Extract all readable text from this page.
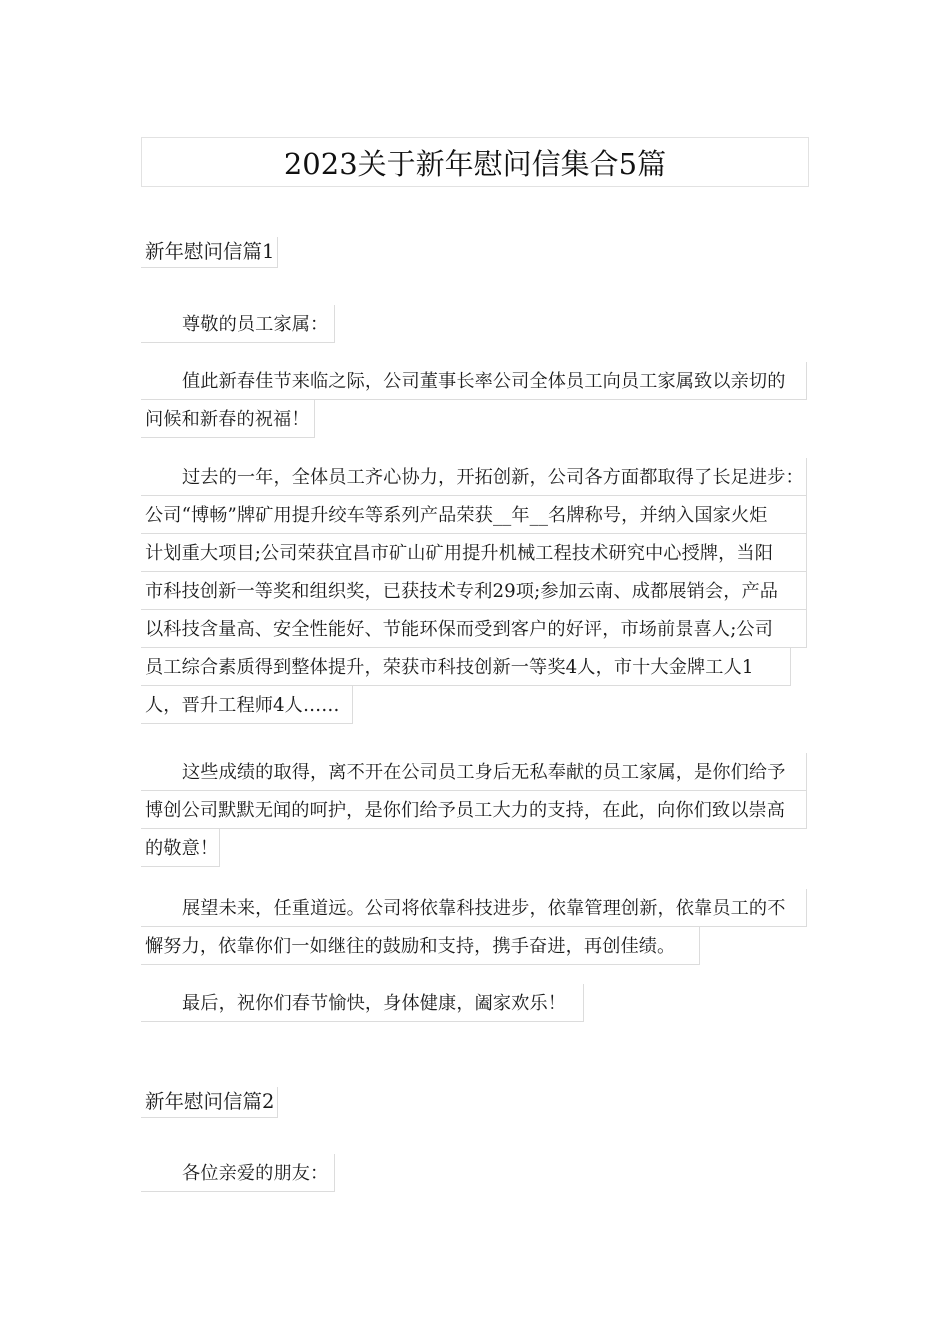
2023关于新年慰问信集合5篇
新年慰问信篇1
尊敬的员工家属：
值此新春佳节来临之际，公司董事长率公司全体员工向员工家属致以亲切的
问候和新春的祝福！
过去的一年，全体员工齐心协力，开拓创新，公司各方面都取得了长足进步：
公司“博畅”牌矿用提升绞车等系列产品荣获__年__名牌称号，并纳入国家火炬
计划重大项目;公司荣获宜昌市矿山矿用提升机械工程技术研究中心授牌，当阳
市科技创新一等奖和组织奖，已获技术专利29项;参加云南、成都展销会，产品
以科技含量高、安全性能好、节能环保而受到客户的好评，市场前景喜人;公司
员工综合素质得到整体提升，荣获市科技创新一等奖4人，市十大金牌工人1
人，晋升工程师4人……
这些成绩的取得，离不开在公司员工身后无私奉献的员工家属，是你们给予
博创公司默默无闻的呵护，是你们给予员工大力的支持，在此，向你们致以崇高
的敬意！
展望未来，任重道远。公司将依靠科技进步，依靠管理创新，依靠员工的不
懈努力，依靠你们一如继往的鼓励和支持，携手奋进，再创佳绩。
最后，祝你们春节愉快，身体健康，阖家欢乐！
新年慰问信篇2
各位亲爱的朋友：
